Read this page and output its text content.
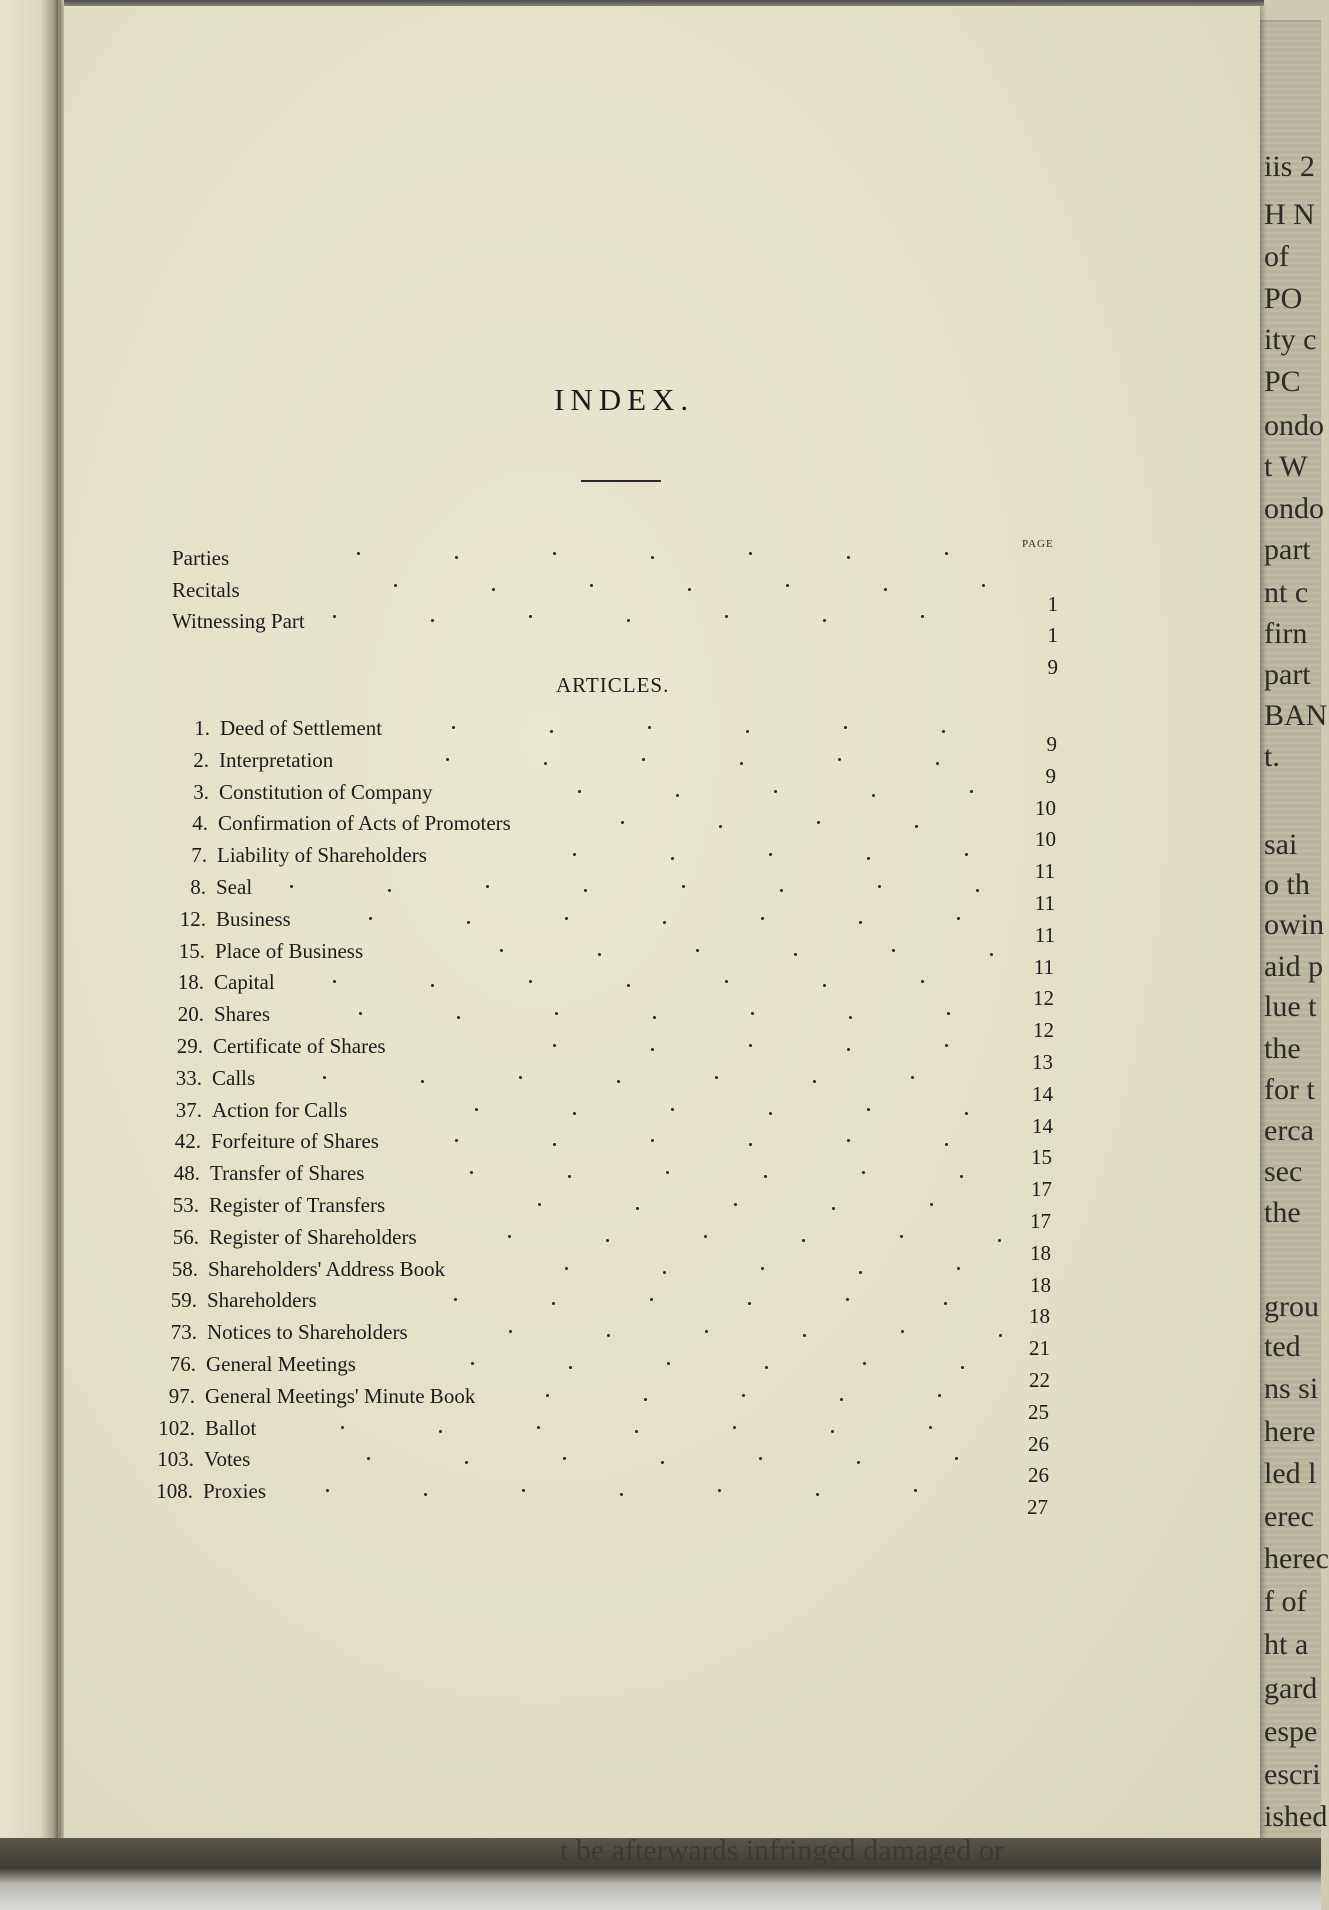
iis 2
H N
of
PO
ity c
PC
ondo
t W
ondo
part
nt c
firn
part
BAN
t.
sai
o th
owin
aid p
lue t
the
for t
erca
sec
the
grou
ted
ns si
here
led l
erec
herec
f of
ht a
gard
espe
escri
ished
t be afterwards infringed damaged or
INDEX.
PAGE
ARTICLES.
Parties
Recitals
1
Witnessing Part
1
9
1. Deed of Settlement
9
2. Interpretation
9
3. Constitution of Company
10
4. Confirmation of Acts of Promoters
10
7. Liability of Shareholders
11
8. Seal
11
12. Business
11
15. Place of Business
11
18. Capital
12
20. Shares
12
29. Certificate of Shares
13
33. Calls
14
37. Action for Calls
14
42. Forfeiture of Shares
15
48. Transfer of Shares
17
53. Register of Transfers
17
56. Register of Shareholders
18
58. Shareholders' Address Book
18
59. Shareholders
18
73. Notices to Shareholders
21
76. General Meetings
22
97. General Meetings' Minute Book
25
102. Ballot
26
103. Votes
26
108. Proxies
27
